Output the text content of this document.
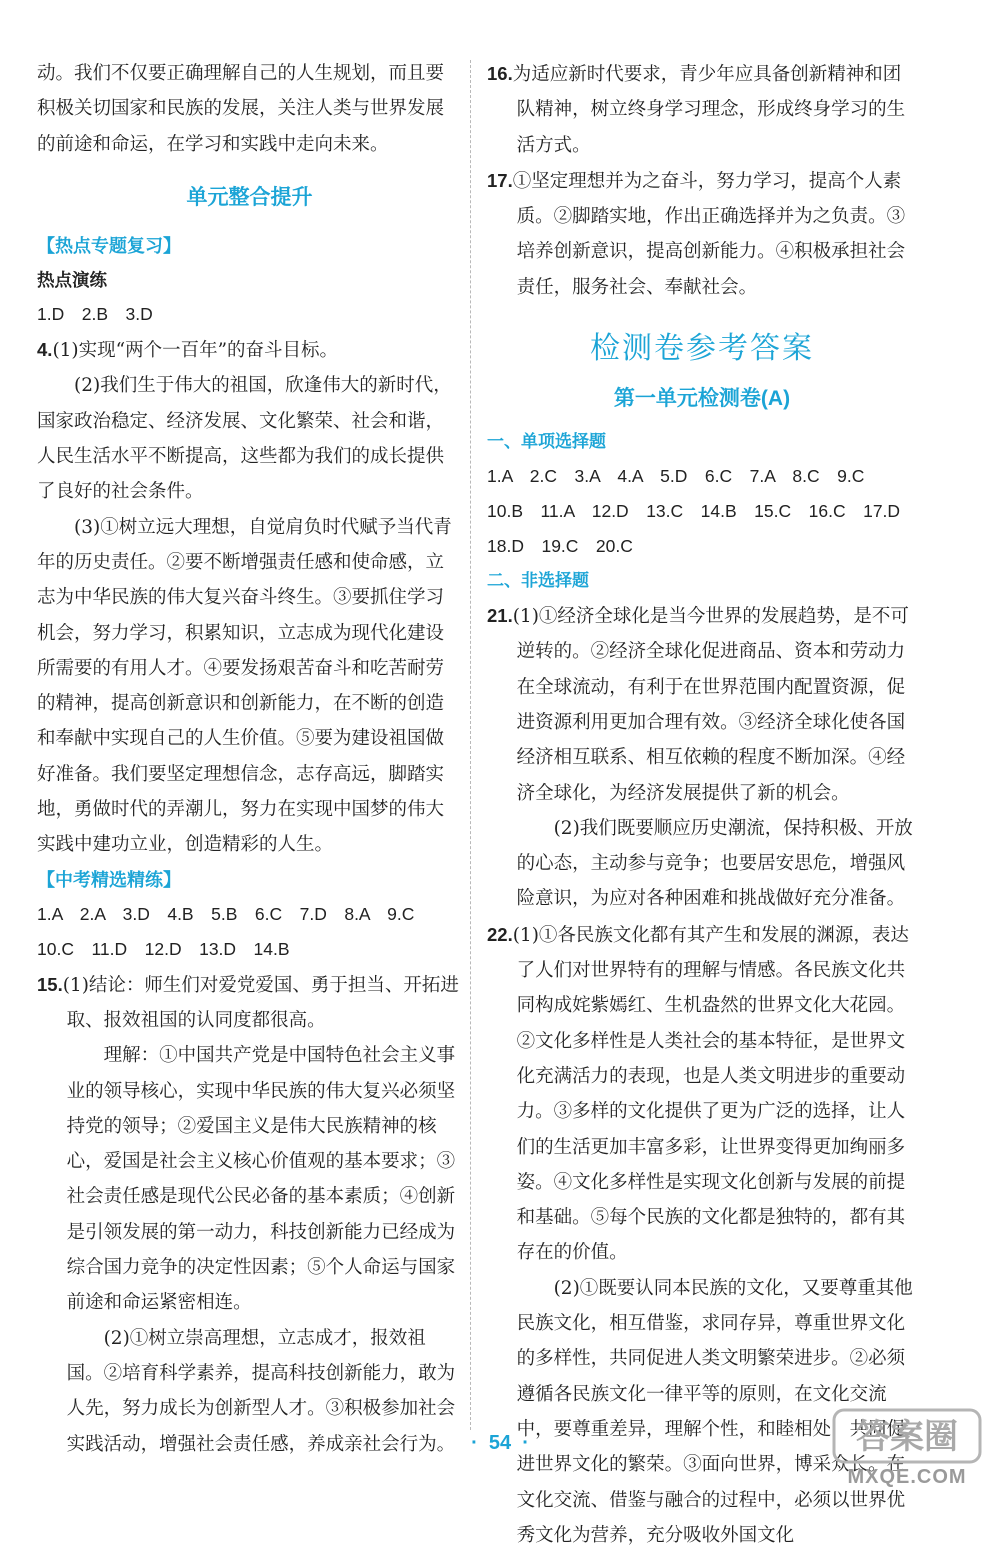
动。我们不仅要正确理解自己的人生规划，而且要积极关切国家和民族的发展，关注人类与世界发展的前途和命运，在学习和实践中走向未来。

单元整合提升
【热点专题复习】
热点演练
1.D　2.B　3.D

4.(1)实现“两个一百年”的奋斗目标。

(2)我们生于伟大的祖国，欣逢伟大的新时代，国家政治稳定、经济发展、文化繁荣、社会和谐，人民生活水平不断提高，这些都为我们的成长提供了良好的社会条件。

(3)①树立远大理想，自觉肩负时代赋予当代青年的历史责任。②要不断增强责任感和使命感，立志为中华民族的伟大复兴奋斗终生。③要抓住学习机会，努力学习，积累知识，立志成为现代化建设所需要的有用人才。④要发扬艰苦奋斗和吃苦耐劳的精神，提高创新意识和创新能力，在不断的创造和奉献中实现自己的人生价值。⑤要为建设祖国做好准备。我们要坚定理想信念，志存高远，脚踏实地，勇做时代的弄潮儿，努力在实现中国梦的伟大实践中建功立业，创造精彩的人生。

【中考精选精练】
1.A　2.A　3.D　4.B　5.B　6.C　7.D　8.A　9.C
10.C　11.D　12.D　13.D　14.B

15.(1)结论：师生们对爱党爱国、勇于担当、开拓进取、报效祖国的认同度都很高。

理解：①中国共产党是中国特色社会主义事业的领导核心，实现中华民族的伟大复兴必须坚持党的领导；②爱国主义是伟大民族精神的核心，爱国是社会主义核心价值观的基本要求；③社会责任感是现代公民必备的基本素质；④创新是引领发展的第一动力，科技创新能力已经成为综合国力竞争的决定性因素；⑤个人命运与国家前途和命运紧密相连。

(2)①树立崇高理想，立志成才，报效祖国。②培育科学素养，提高科技创新能力，敢为人先，努力成长为创新型人才。③积极参加社会实践活动，增强社会责任感，养成亲社会行为。

16.为适应新时代要求，青少年应具备创新精神和团队精神，树立终身学习理念，形成终身学习的生活方式。

17.①坚定理想并为之奋斗，努力学习，提高个人素质。②脚踏实地，作出正确选择并为之负责。③培养创新意识，提高创新能力。④积极承担社会责任，服务社会、奉献社会。

检测卷参考答案
第一单元检测卷(A)
一、单项选择题
1.A　2.C　3.A　4.A　5.D　6.C　7.A　8.C　9.C
10.B　11.A　12.D　13.C　14.B　15.C　16.C　17.D
18.D　19.C　20.C
二、非选择题

21.(1)①经济全球化是当今世界的发展趋势，是不可逆转的。②经济全球化促进商品、资本和劳动力在全球流动，有利于在世界范围内配置资源，促进资源利用更加合理有效。③经济全球化使各国经济相互联系、相互依赖的程度不断加深。④经济全球化，为经济发展提供了新的机会。

(2)我们既要顺应历史潮流，保持积极、开放的心态，主动参与竞争；也要居安思危，增强风险意识，为应对各种困难和挑战做好充分准备。

22.(1)①各民族文化都有其产生和发展的渊源，表达了人们对世界特有的理解与情感。各民族文化共同构成姹紫嫣红、生机盎然的世界文化大花园。②文化多样性是人类社会的基本特征，是世界文化充满活力的表现，也是人类文明进步的重要动力。③多样的文化提供了更为广泛的选择，让人们的生活更加丰富多彩，让世界变得更加绚丽多姿。④文化多样性是实现文化创新与发展的前提和基础。⑤每个民族的文化都是独特的，都有其存在的价值。

(2)①既要认同本民族的文化，又要尊重其他民族文化，相互借鉴，求同存异，尊重世界文化的多样性，共同促进人类文明繁荣进步。②必须遵循各民族文化一律平等的原则，在文化交流中，要尊重差异，理解个性，和睦相处，共同促进世界文化的繁荣。③面向世界，博采众长。在文化交流、借鉴与融合的过程中，必须以世界优秀文化为营养，充分吸收外国文化

·  54  ·	答案圈
MXQE.COM
